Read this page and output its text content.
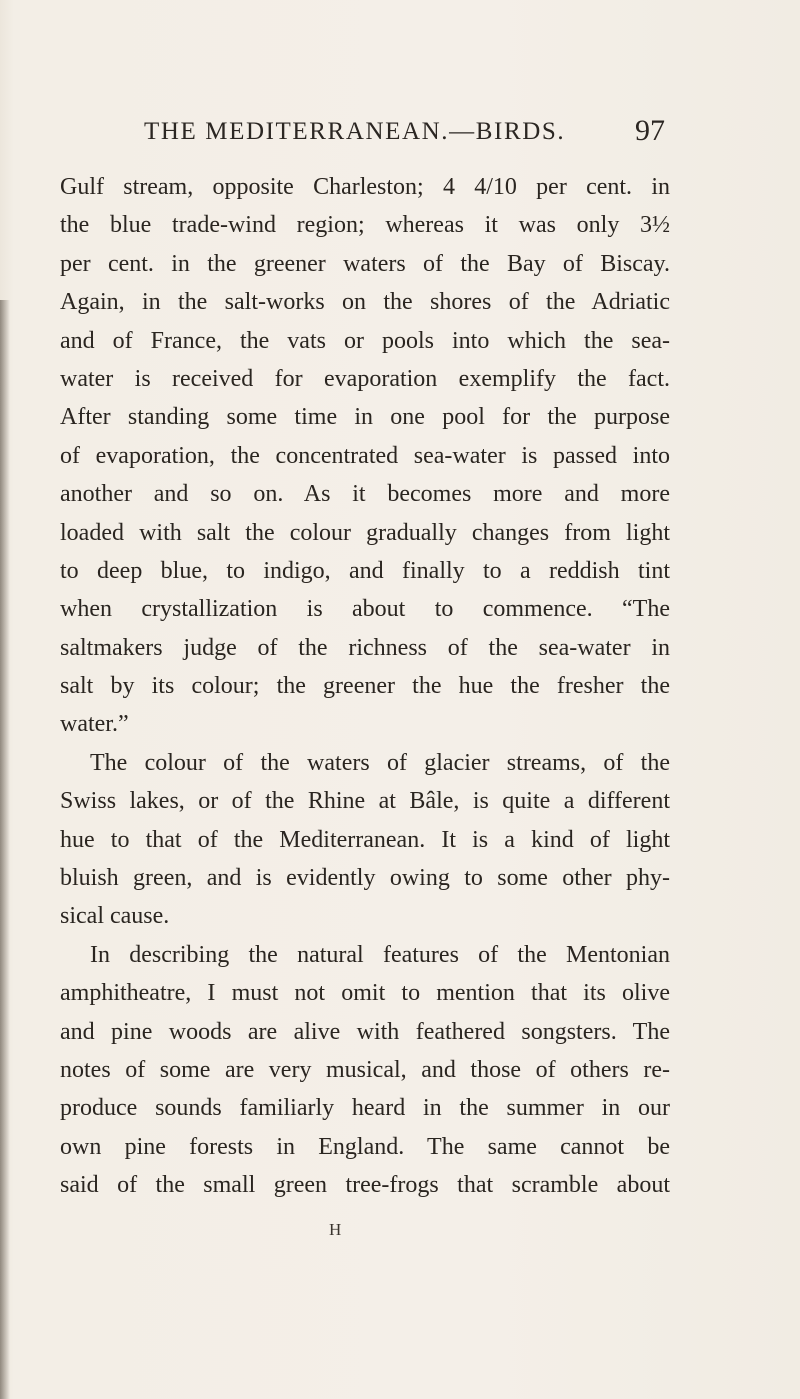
THE MEDITERRANEAN.—BIRDS. 97
Gulf stream, opposite Charleston; 4 4/10 per cent. in
the blue trade-wind region; whereas it was only 3½
per cent. in the greener waters of the Bay of Biscay.
Again, in the salt-works on the shores of the Adriatic
and of France, the vats or pools into which the sea-
water is received for evaporation exemplify the fact.
After standing some time in one pool for the purpose
of evaporation, the concentrated sea-water is passed into
another and so on. As it becomes more and more
loaded with salt the colour gradually changes from light
to deep blue, to indigo, and finally to a reddish tint
when crystallization is about to commence. “The
saltmakers judge of the richness of the sea-water in
salt by its colour; the greener the hue the fresher the
water.”
The colour of the waters of glacier streams, of the
Swiss lakes, or of the Rhine at Bâle, is quite a different
hue to that of the Mediterranean. It is a kind of light
bluish green, and is evidently owing to some other phy-
sical cause.
In describing the natural features of the Mentonian
amphitheatre, I must not omit to mention that its olive
and pine woods are alive with feathered songsters. The
notes of some are very musical, and those of others re-
produce sounds familiarly heard in the summer in our
own pine forests in England. The same cannot be
said of the small green tree-frogs that scramble about
H
